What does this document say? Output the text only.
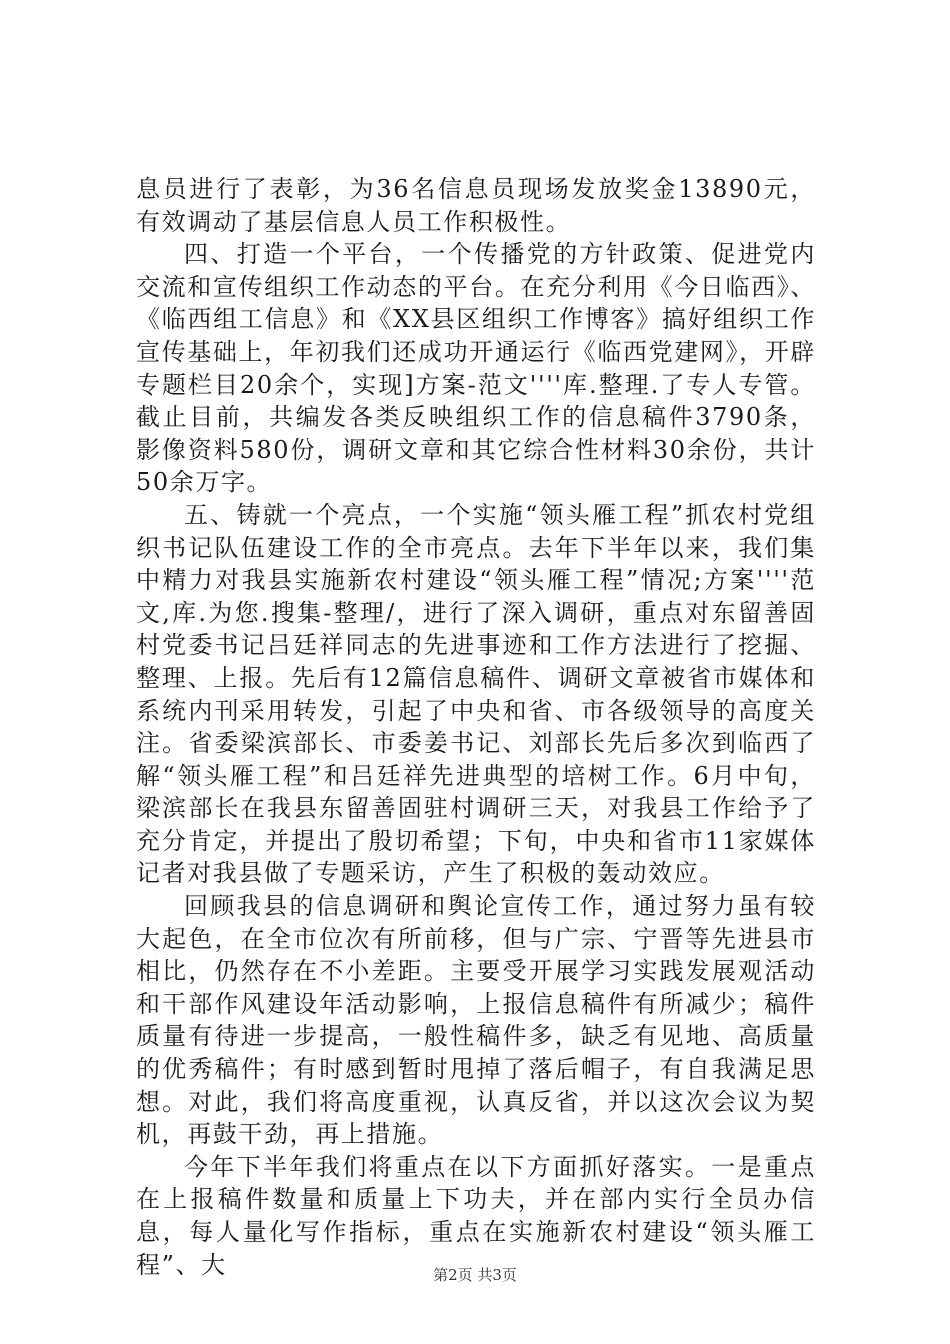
息员进行了表彰，为36名信息员现场发放奖金13890元，有效调动了基层信息人员工作积极性。

四、打造一个平台，一个传播党的方针政策、促进党内交流和宣传组织工作动态的平台。在充分利用《今日临西》、《临西组工信息》和《XX县区组织工作博客》搞好组织工作宣传基础上，年初我们还成功开通运行《临西党建网》，开辟专题栏目20余个，实现]方案-范文''''库.整理.了专人专管。截止目前，共编发各类反映组织工作的信息稿件3790条，影像资料580份，调研文章和其它综合性材料30余份，共计50余万字。

五、铸就一个亮点，一个实施“领头雁工程”抓农村党组织书记队伍建设工作的全市亮点。去年下半年以来，我们集中精力对我县实施新农村建设“领头雁工程”情况;方案''''范文,库.为您.搜集-整理/，进行了深入调研，重点对东留善固村党委书记吕廷祥同志的先进事迹和工作方法进行了挖掘、整理、上报。先后有12篇信息稿件、调研文章被省市媒体和系统内刊采用转发，引起了中央和省、市各级领导的高度关注。省委梁滨部长、市委姜书记、刘部长先后多次到临西了解“领头雁工程”和吕廷祥先进典型的培树工作。6月中旬，梁滨部长在我县东留善固驻村调研三天，对我县工作给予了充分肯定，并提出了殷切希望；下旬，中央和省市11家媒体记者对我县做了专题采访，产生了积极的轰动效应。

回顾我县的信息调研和舆论宣传工作，通过努力虽有较大起色，在全市位次有所前移，但与广宗、宁晋等先进县市相比，仍然存在不小差距。主要受开展学习实践发展观活动和干部作风建设年活动影响，上报信息稿件有所减少；稿件质量有待进一步提高，一般性稿件多，缺乏有见地、高质量的优秀稿件；有时感到暂时甩掉了落后帽子，有自我满足思想。对此，我们将高度重视，认真反省，并以这次会议为契机，再鼓干劲，再上措施。

今年下半年我们将重点在以下方面抓好落实。一是重点在上报稿件数量和质量上下功夫，并在部内实行全员办信息，每人量化写作指标，重点在实施新农村建设“领头雁工程”、大	第2页 共3页
